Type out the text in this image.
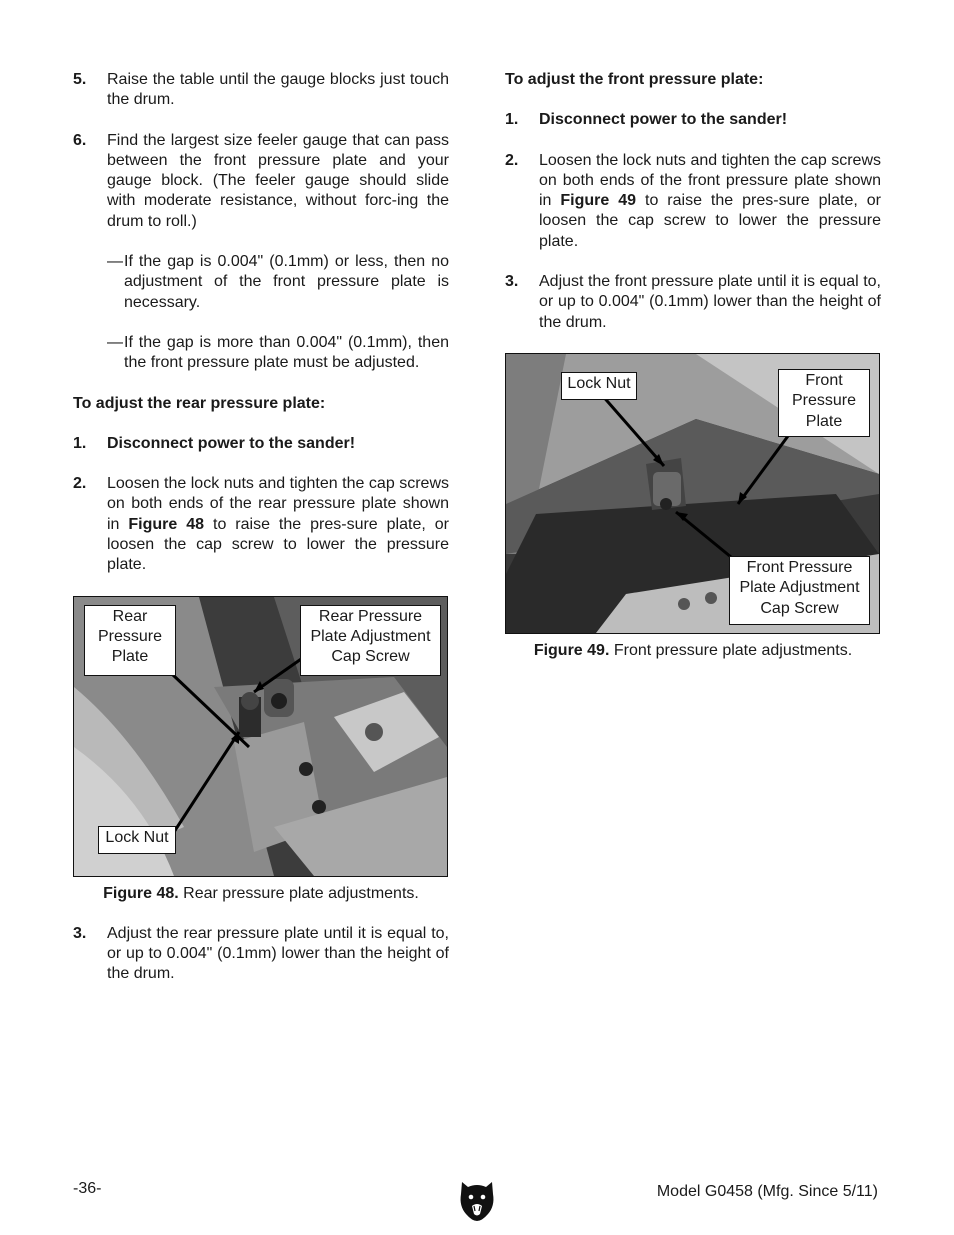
5.	Raise the table until the gauge blocks just touch the drum.
6.	Find the largest size feeler gauge that can pass between the front pressure plate and your gauge block. (The feeler gauge should slide with moderate resistance, without forc-ing the drum to roll.)
— If the gap is 0.004" (0.1mm) or less, then no adjustment of the front pressure plate is necessary.
— If the gap is more than 0.004" (0.1mm), then the front pressure plate must be adjusted.
To adjust the rear pressure plate:
1.	Disconnect power to the sander!
2.	Loosen the lock nuts and tighten the cap screws on both ends of the rear pressure plate shown in Figure 48 to raise the pres-sure plate, or loosen the cap screw to lower the pressure plate.
Rear
Pressure
Plate
Rear Pressure
Plate Adjustment
Cap Screw
Lock Nut
Figure 48. Rear pressure plate adjustments.
3.	Adjust the rear pressure plate until it is equal to, or up to 0.004" (0.1mm) lower than the height of the drum.
To adjust the front pressure plate:
1.	Disconnect power to the sander!
2.	Loosen the lock nuts and tighten the cap screws on both ends of the front pressure plate shown in Figure 49 to raise the pres-sure plate, or loosen the cap screw to lower the pressure plate.
3.	Adjust the front pressure plate until it is equal to, or up to 0.004" (0.1mm) lower than the height of the drum.
Lock Nut	Front
Pressure
Plate
Front Pressure
Plate Adjustment
Cap Screw
Figure 49. Front pressure plate adjustments.
-36-	Model G0458 (Mfg. Since 5/11)
